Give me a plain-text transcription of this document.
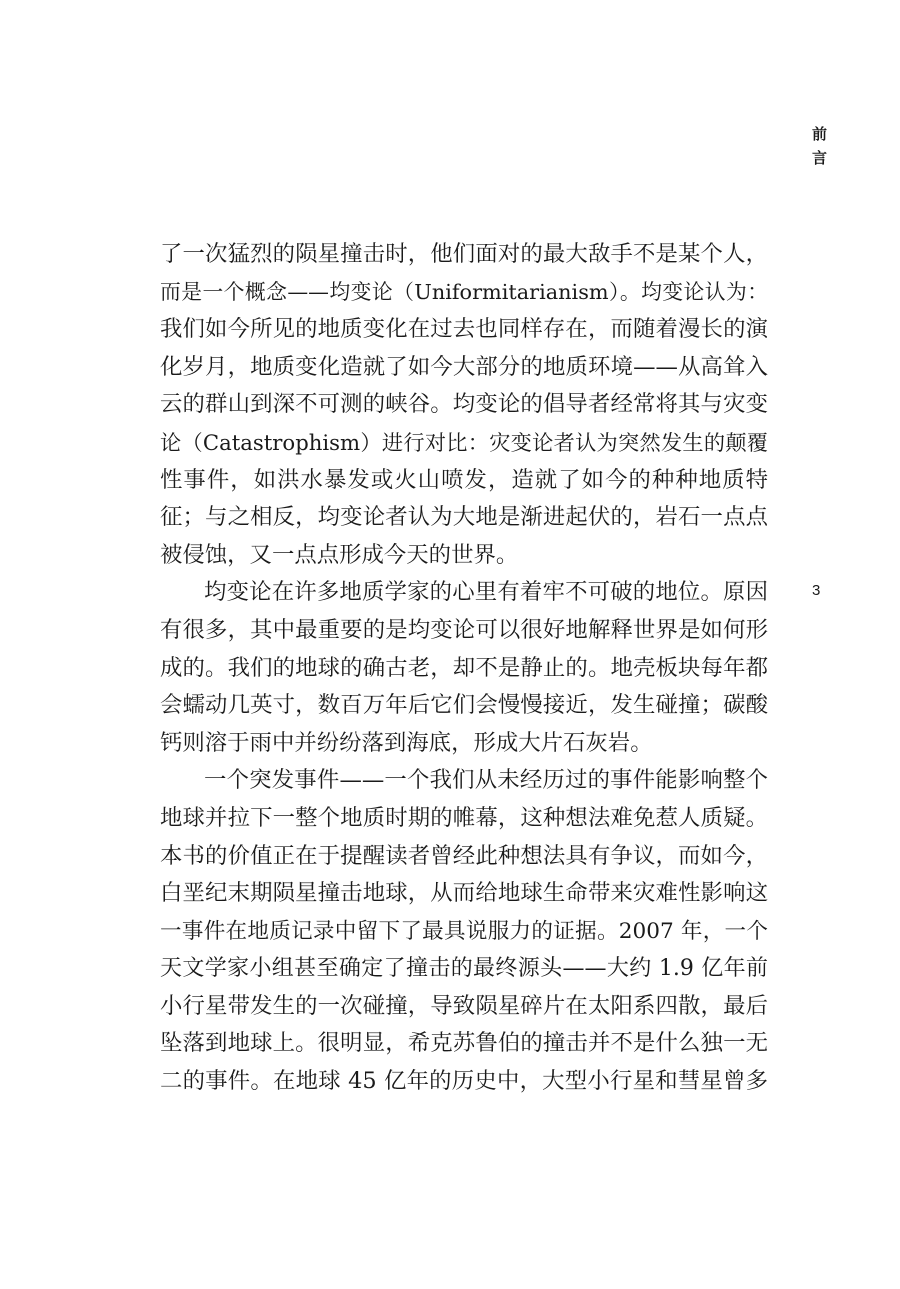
前
言
3
了一次猛烈的陨星撞击时，他们面对的最大敌手不是某个人，
而是一个概念——均变论（Uniformitarianism）。均变论认为：
我们如今所见的地质变化在过去也同样存在，而随着漫长的演
化岁月，地质变化造就了如今大部分的地质环境——从高耸入
云的群山到深不可测的峡谷。均变论的倡导者经常将其与灾变
论（Catastrophism）进行对比：灾变论者认为突然发生的颠覆
性事件，如洪水暴发或火山喷发，造就了如今的种种地质特
征；与之相反，均变论者认为大地是渐进起伏的，岩石一点点
被侵蚀，又一点点形成今天的世界。
均变论在许多地质学家的心里有着牢不可破的地位。原因
有很多，其中最重要的是均变论可以很好地解释世界是如何形
成的。我们的地球的确古老，却不是静止的。地壳板块每年都
会蠕动几英寸，数百万年后它们会慢慢接近，发生碰撞；碳酸
钙则溶于雨中并纷纷落到海底，形成大片石灰岩。
一个突发事件——一个我们从未经历过的事件能影响整个
地球并拉下一整个地质时期的帷幕，这种想法难免惹人质疑。
本书的价值正在于提醒读者曾经此种想法具有争议，而如今，
白垩纪末期陨星撞击地球，从而给地球生命带来灾难性影响这
一事件在地质记录中留下了最具说服力的证据。2007 年，一个
天文学家小组甚至确定了撞击的最终源头——大约 1.9 亿年前
小行星带发生的一次碰撞，导致陨星碎片在太阳系四散，最后
坠落到地球上。很明显，希克苏鲁伯的撞击并不是什么独一无
二的事件。在地球 45 亿年的历史中，大型小行星和彗星曾多
